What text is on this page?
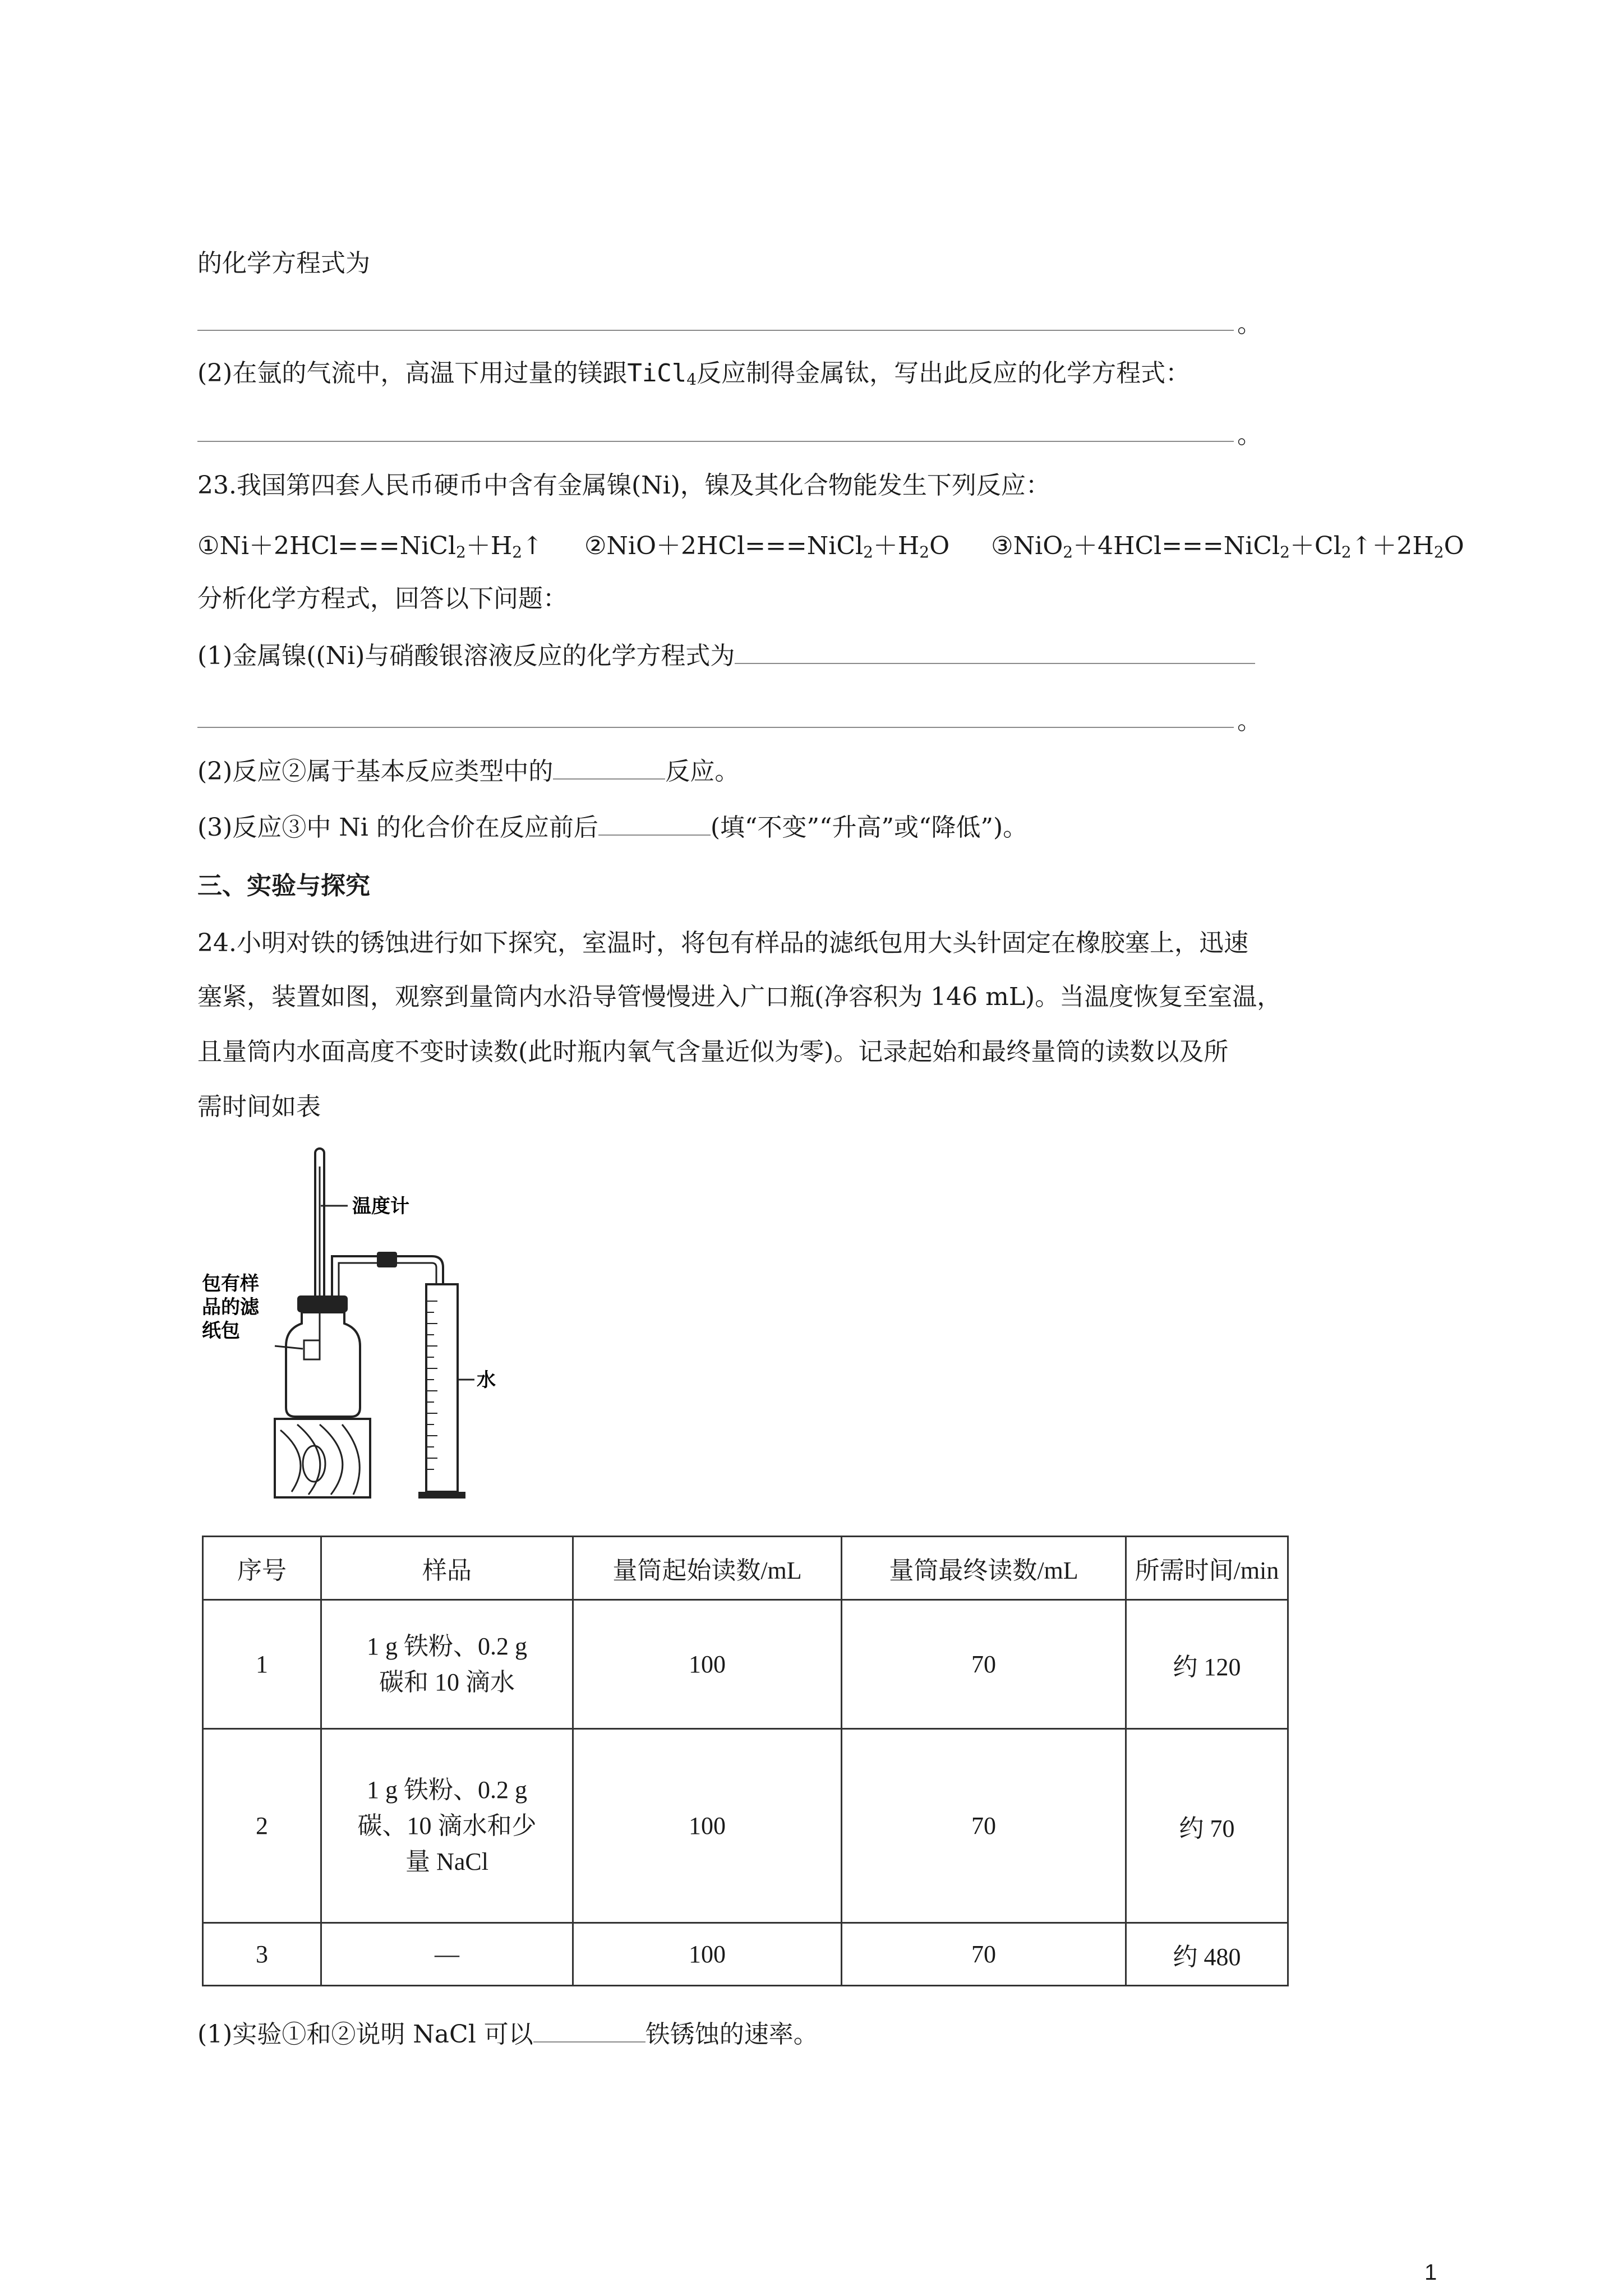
的化学方程式为
。
(2)在氩的气流中，高温下用过量的镁跟TiCl$_4$反应制得金属钛，写出此反应的化学方程式：
。
23.我国第四套人民币硬币中含有金属镍(Ni)，镍及其化合物能发生下列反应：
$①Ni+2HCl===NiCl_2+H_2↑$ $②NiO+2HCl===NiCl_2+H_2O$ $③NiO_2+4HCl===NiCl_2+Cl_2↑+2H_2O$
分析化学方程式，回答以下问题：
(1)金属镍((Ni)与硝酸银溶液反应的化学方程式为
。
(2)反应②属于基本反应类型中的	反应。
(3)反应③中 Ni 的化合价在反应前后	(填“不变”“升高”或“降低”)。
三、实验与探究
24.小明对铁的锈蚀进行如下探究，室温时，将包有样品的滤纸包用大头针固定在橡胶塞上，迅速
塞紧，装置如图，观察到量筒内水沿导管慢慢进入广口瓶(净容积为 146 mL)。当温度恢复至室温，
且量筒内水面高度不变时读数(此时瓶内氧气含量近似为零)。记录起始和最终量筒的读数以及所
需时间如表
温度计
包有样
品的滤
纸包
水
序号	样品	量筒起始读数/mL	量筒最终读数/mL	所需时间/min
1	1 g 铁粉、0.2 g
碳和 10 滴水	100	70	约 120
2	1 g 铁粉、0.2 g
碳、10 滴水和少
量 NaCl	100	70	约 70
3	—	100	70	约 480
(1)实验①和②说明 NaCl 可以	铁锈蚀的速率。
1
